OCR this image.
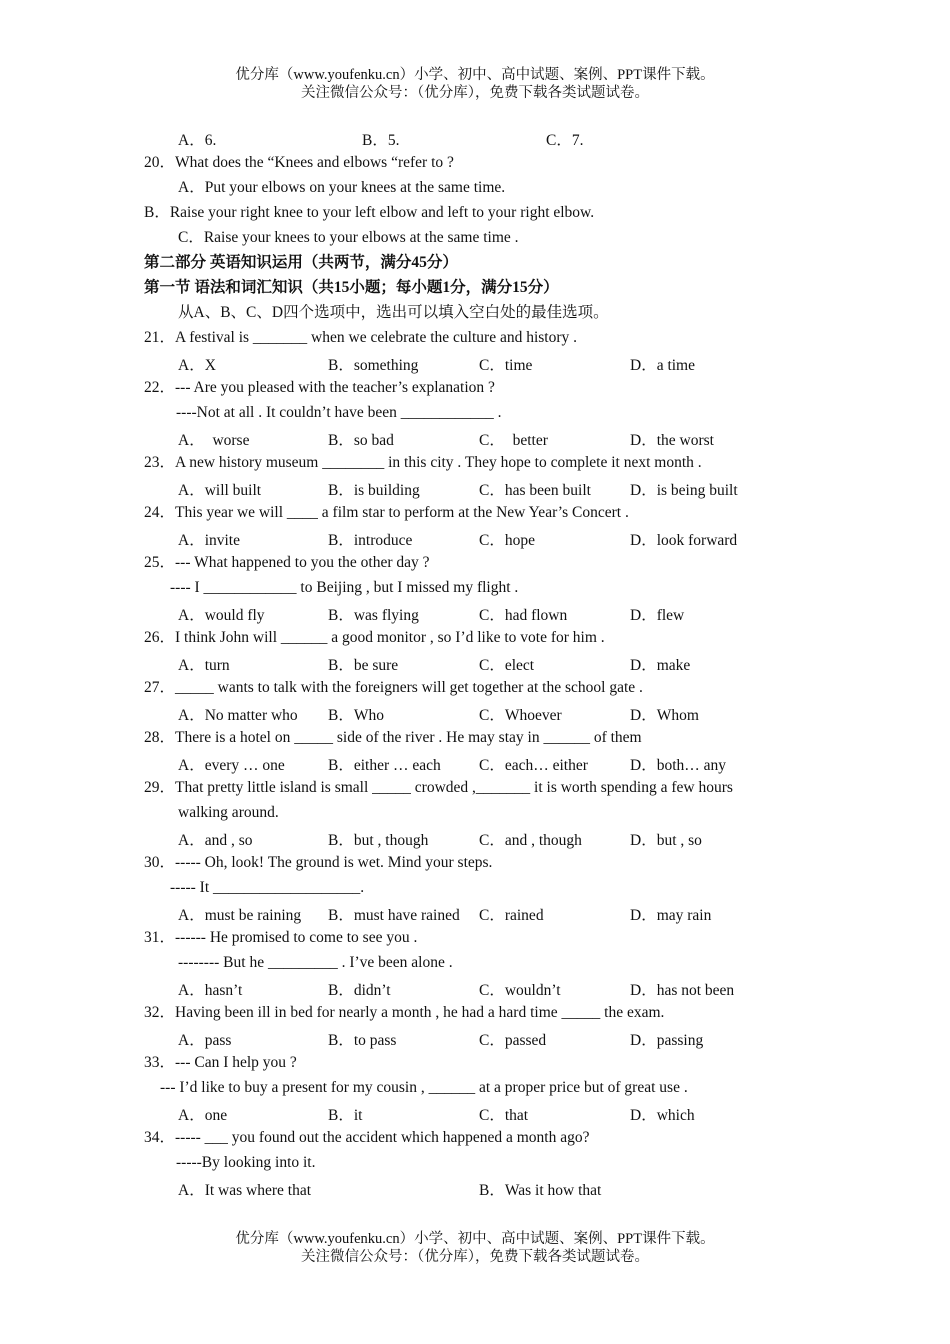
优分库（www.youfenku.cn）小学、初中、高中试题、案例、PPT课件下载。
关注微信公众号：（优分库），免费下载各类试题试卷。
A．6.	B．5.	C．7.
20．What does the “Knees and elbows “refer to ?
A．Put your elbows on your knees at the same time.
B．Raise your right knee to your left elbow and left to your right elbow.
C．Raise your knees to your elbows at the same time .
第二部分 英语知识运用（共两节，满分45分）
第一节 语法和词汇知识（共15小题；每小题1分，满分15分）
从A、B、C、D四个选项中，选出可以填入空白处的最佳选项。
21．A festival is _______ when we celebrate the culture and history .
A．X	B．something	C．time	D．a time
22．--- Are you pleased with the teacher’s explanation ?
----Not at all . It couldn’t have been ____________ .
A．  worse	B．so bad	C．  better	D．the worst
23．A new history museum ________ in this city . They hope to complete it next month .
A．will built	B．is building	C．has been built	D．is being built
24．This year we will ____ a film star to perform at the New Year’s Concert .
A．invite	B．introduce	C．hope	D．look forward
25．--- What happened to you the other day ?
---- I ____________ to Beijing , but I missed my flight .
A．would fly	B．was flying	C．had flown	D．flew
26．I think John will ______ a good monitor , so I’d like to vote for him .
A．turn	B．be sure	C．elect	D．make
27．_____ wants to talk with the foreigners will get together at the school gate .
A．No matter who B．Who	C．Whoever	D．Whom
28．There is a hotel on _____ side of the river . He may stay in ______ of them
A．every … one	B．either … each C．each… either	D．both… any
29．That pretty little island is small _____ crowded ,_______ it is worth spending a few hours
walking around.
A．and , so	B．but , though	C．and , though	D．but , so
30．----- Oh, look! The ground is wet. Mind your steps.
----- It ___________________.
A．must be raining B．must have rained C．rained	D．may rain
31．------ He promised to come to see you .
-------- But he _________ . I’ve been alone .
A．hasn’t	B．didn’t	C．wouldn’t	D．has not been
32．Having been ill in bed for nearly a month , he had a hard time _____ the exam.
A．pass	B．to pass	C．passed	D．passing
33．--- Can I help you ?
--- I’d like to buy a present for my cousin , ______ at a proper price but of great use .
A．one	B．it	C．that	D．which
34．----- ___ you found out the accident which happened a month ago?
-----By looking into it.
A．It was where that	B．Was it how that
优分库（www.youfenku.cn）小学、初中、高中试题、案例、PPT课件下载。
关注微信公众号：（优分库），免费下载各类试题试卷。
